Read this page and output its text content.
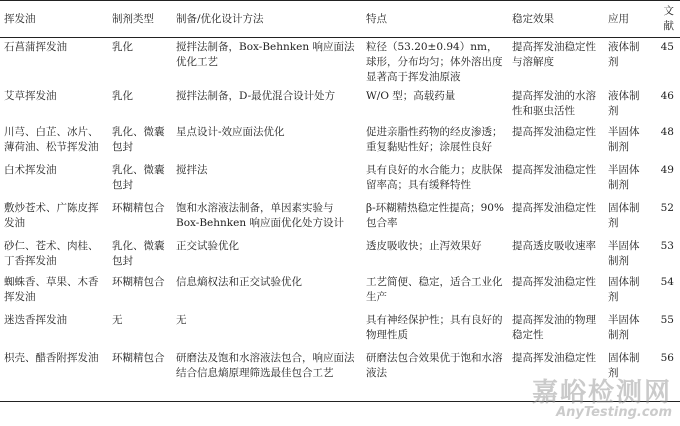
挥发油	制剂类型	制备/优化设计方法	特点	稳定效果	应用	文献
石菖蒲挥发油	乳化	搅拌法制备，Box-Behnken 响应面法优化工艺	粒径（53.20±0.94）nm，球形，分布均匀；体外溶出度显著高于挥发油原液	提高挥发油稳定性与溶解度	液体制剂	45
艾草挥发油	乳化	搅拌法制备，D-最优混合设计处方	W/O 型；高载药量	提高挥发油的水溶性和驱虫活性	液体制剂	46
川芎、白芷、冰片、薄荷油、松节挥发油	乳化、微囊包封	星点设计-效应面法优化	促进亲脂性药物的经皮渗透；重复黏贴性好；涂展性良好	提高挥发油稳定性	半固体制剂	48
白术挥发油	乳化、微囊包封	搅拌法	具有良好的水合能力；皮肤保留率高；具有缓释特性	提高挥发油稳定性	半固体制剂	49
敷炒苍术、广陈皮挥发油	环糊精包合	饱和水溶液法制备，单因素实验与 Box-Behnken 响应面优化处方设计	β-环糊精热稳定性提高；90%包合率	提高挥发油稳定性	固体制剂	52
砂仁、苍术、肉桂、丁香挥发油	乳化、微囊包封	正交试验优化	透皮吸收快；止泻效果好	提高透皮吸收速率	半固体制剂	53
蜘蛛香、草果、木香挥发油	环糊精包合	信息熵权法和正交试验优化	工艺简便、稳定，适合工业化生产	提高挥发油稳定性	固体制剂	54
迷迭香挥发油	无	无	具有神经保护性；具有良好的物理性质	提高挥发油的物理稳定性	半固体制剂	55
枳壳、醋香附挥发油	环糊精包合	研磨法及饱和水溶液法包合，响应面法结合信息熵原理筛选最佳包合工艺	研磨法包合效果优于饱和水溶液法	提高挥发油稳定性	固体制剂	56
嘉峪检测网
AnyTesting.com
